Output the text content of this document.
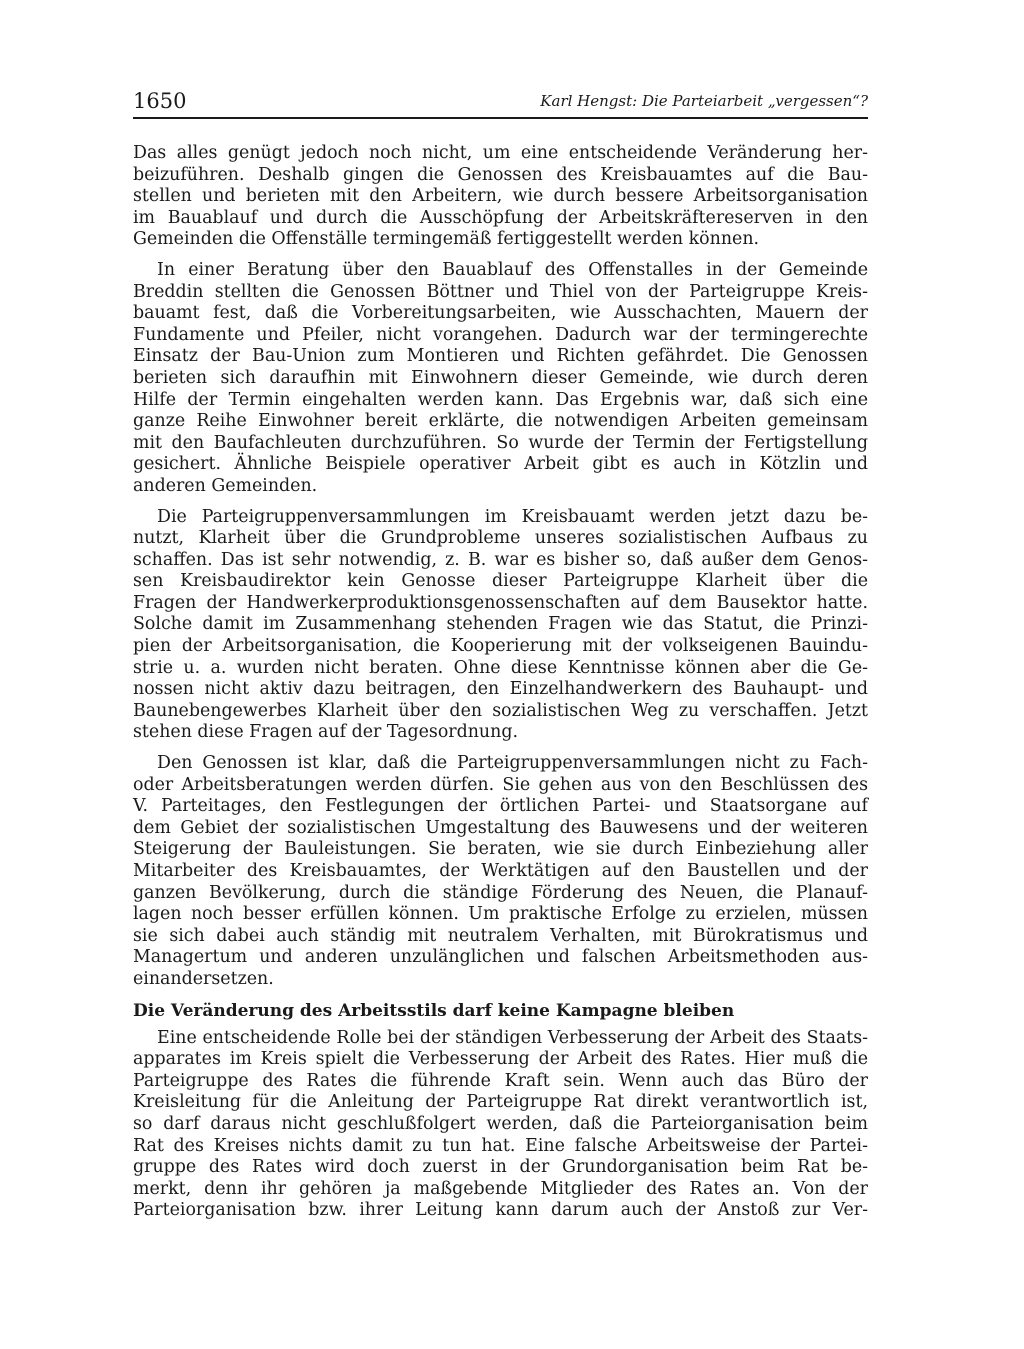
1650	Karl Hengst: Die Parteiarbeit „vergessen“?
Das alles genügt jedoch noch nicht, um eine entscheidende Veränderung her-
beizuführen. Deshalb gingen die Genossen des Kreisbauamtes auf die Bau-
stellen und berieten mit den Arbeitern, wie durch bessere Arbeitsorganisation
im Bauablauf und durch die Ausschöpfung der Arbeitskräftereserven in den
Gemeinden die Offenställe termingemäß fertiggestellt werden können.
In einer Beratung über den Bauablauf des Offenstalles in der Gemeinde
Breddin stellten die Genossen Böttner und Thiel von der Parteigruppe Kreis-
bauamt fest, daß die Vorbereitungsarbeiten, wie Ausschachten, Mauern der
Fundamente und Pfeiler, nicht vorangehen. Dadurch war der termingerechte
Einsatz der Bau-Union zum Montieren und Richten gefährdet. Die Genossen
berieten sich daraufhin mit Einwohnern dieser Gemeinde, wie durch deren
Hilfe der Termin eingehalten werden kann. Das Ergebnis war, daß sich eine
ganze Reihe Einwohner bereit erklärte, die notwendigen Arbeiten gemeinsam
mit den Baufachleuten durchzuführen. So wurde der Termin der Fertigstellung
gesichert. Ähnliche Beispiele operativer Arbeit gibt es auch in Kötzlin und
anderen Gemeinden.
Die Parteigruppenversammlungen im Kreisbauamt werden jetzt dazu be-
nutzt, Klarheit über die Grundprobleme unseres sozialistischen Aufbaus zu
schaffen. Das ist sehr notwendig, z. B. war es bisher so, daß außer dem Genos-
sen Kreisbaudirektor kein Genosse dieser Parteigruppe Klarheit über die
Fragen der Handwerkerproduktionsgenossenschaften auf dem Bausektor hatte.
Solche damit im Zusammenhang stehenden Fragen wie das Statut, die Prinzi-
pien der Arbeitsorganisation, die Kooperierung mit der volkseigenen Bauindu-
strie u. a. wurden nicht beraten. Ohne diese Kenntnisse können aber die Ge-
nossen nicht aktiv dazu beitragen, den Einzelhandwerkern des Bauhaupt- und
Baunebengewerbes Klarheit über den sozialistischen Weg zu verschaffen. Jetzt
stehen diese Fragen auf der Tagesordnung.
Den Genossen ist klar, daß die Parteigruppenversammlungen nicht zu Fach-
oder Arbeitsberatungen werden dürfen. Sie gehen aus von den Beschlüssen des
V. Parteitages, den Festlegungen der örtlichen Partei- und Staatsorgane auf
dem Gebiet der sozialistischen Umgestaltung des Bauwesens und der weiteren
Steigerung der Bauleistungen. Sie beraten, wie sie durch Einbeziehung aller
Mitarbeiter des Kreisbauamtes, der Werktätigen auf den Baustellen und der
ganzen Bevölkerung, durch die ständige Förderung des Neuen, die Planauf-
lagen noch besser erfüllen können. Um praktische Erfolge zu erzielen, müssen
sie sich dabei auch ständig mit neutralem Verhalten, mit Bürokratismus und
Managertum und anderen unzulänglichen und falschen Arbeitsmethoden aus-
einandersetzen.
Die Veränderung des Arbeitsstils darf keine Kampagne bleiben
Eine entscheidende Rolle bei der ständigen Verbesserung der Arbeit des Staats-
apparates im Kreis spielt die Verbesserung der Arbeit des Rates. Hier muß die
Parteigruppe des Rates die führende Kraft sein. Wenn auch das Büro der
Kreisleitung für die Anleitung der Parteigruppe Rat direkt verantwortlich ist,
so darf daraus nicht geschlußfolgert werden, daß die Parteiorganisation beim
Rat des Kreises nichts damit zu tun hat. Eine falsche Arbeitsweise der Partei-
gruppe des Rates wird doch zuerst in der Grundorganisation beim Rat be-
merkt, denn ihr gehören ja maßgebende Mitglieder des Rates an. Von der
Parteiorganisation bzw. ihrer Leitung kann darum auch der Anstoß zur Ver-
